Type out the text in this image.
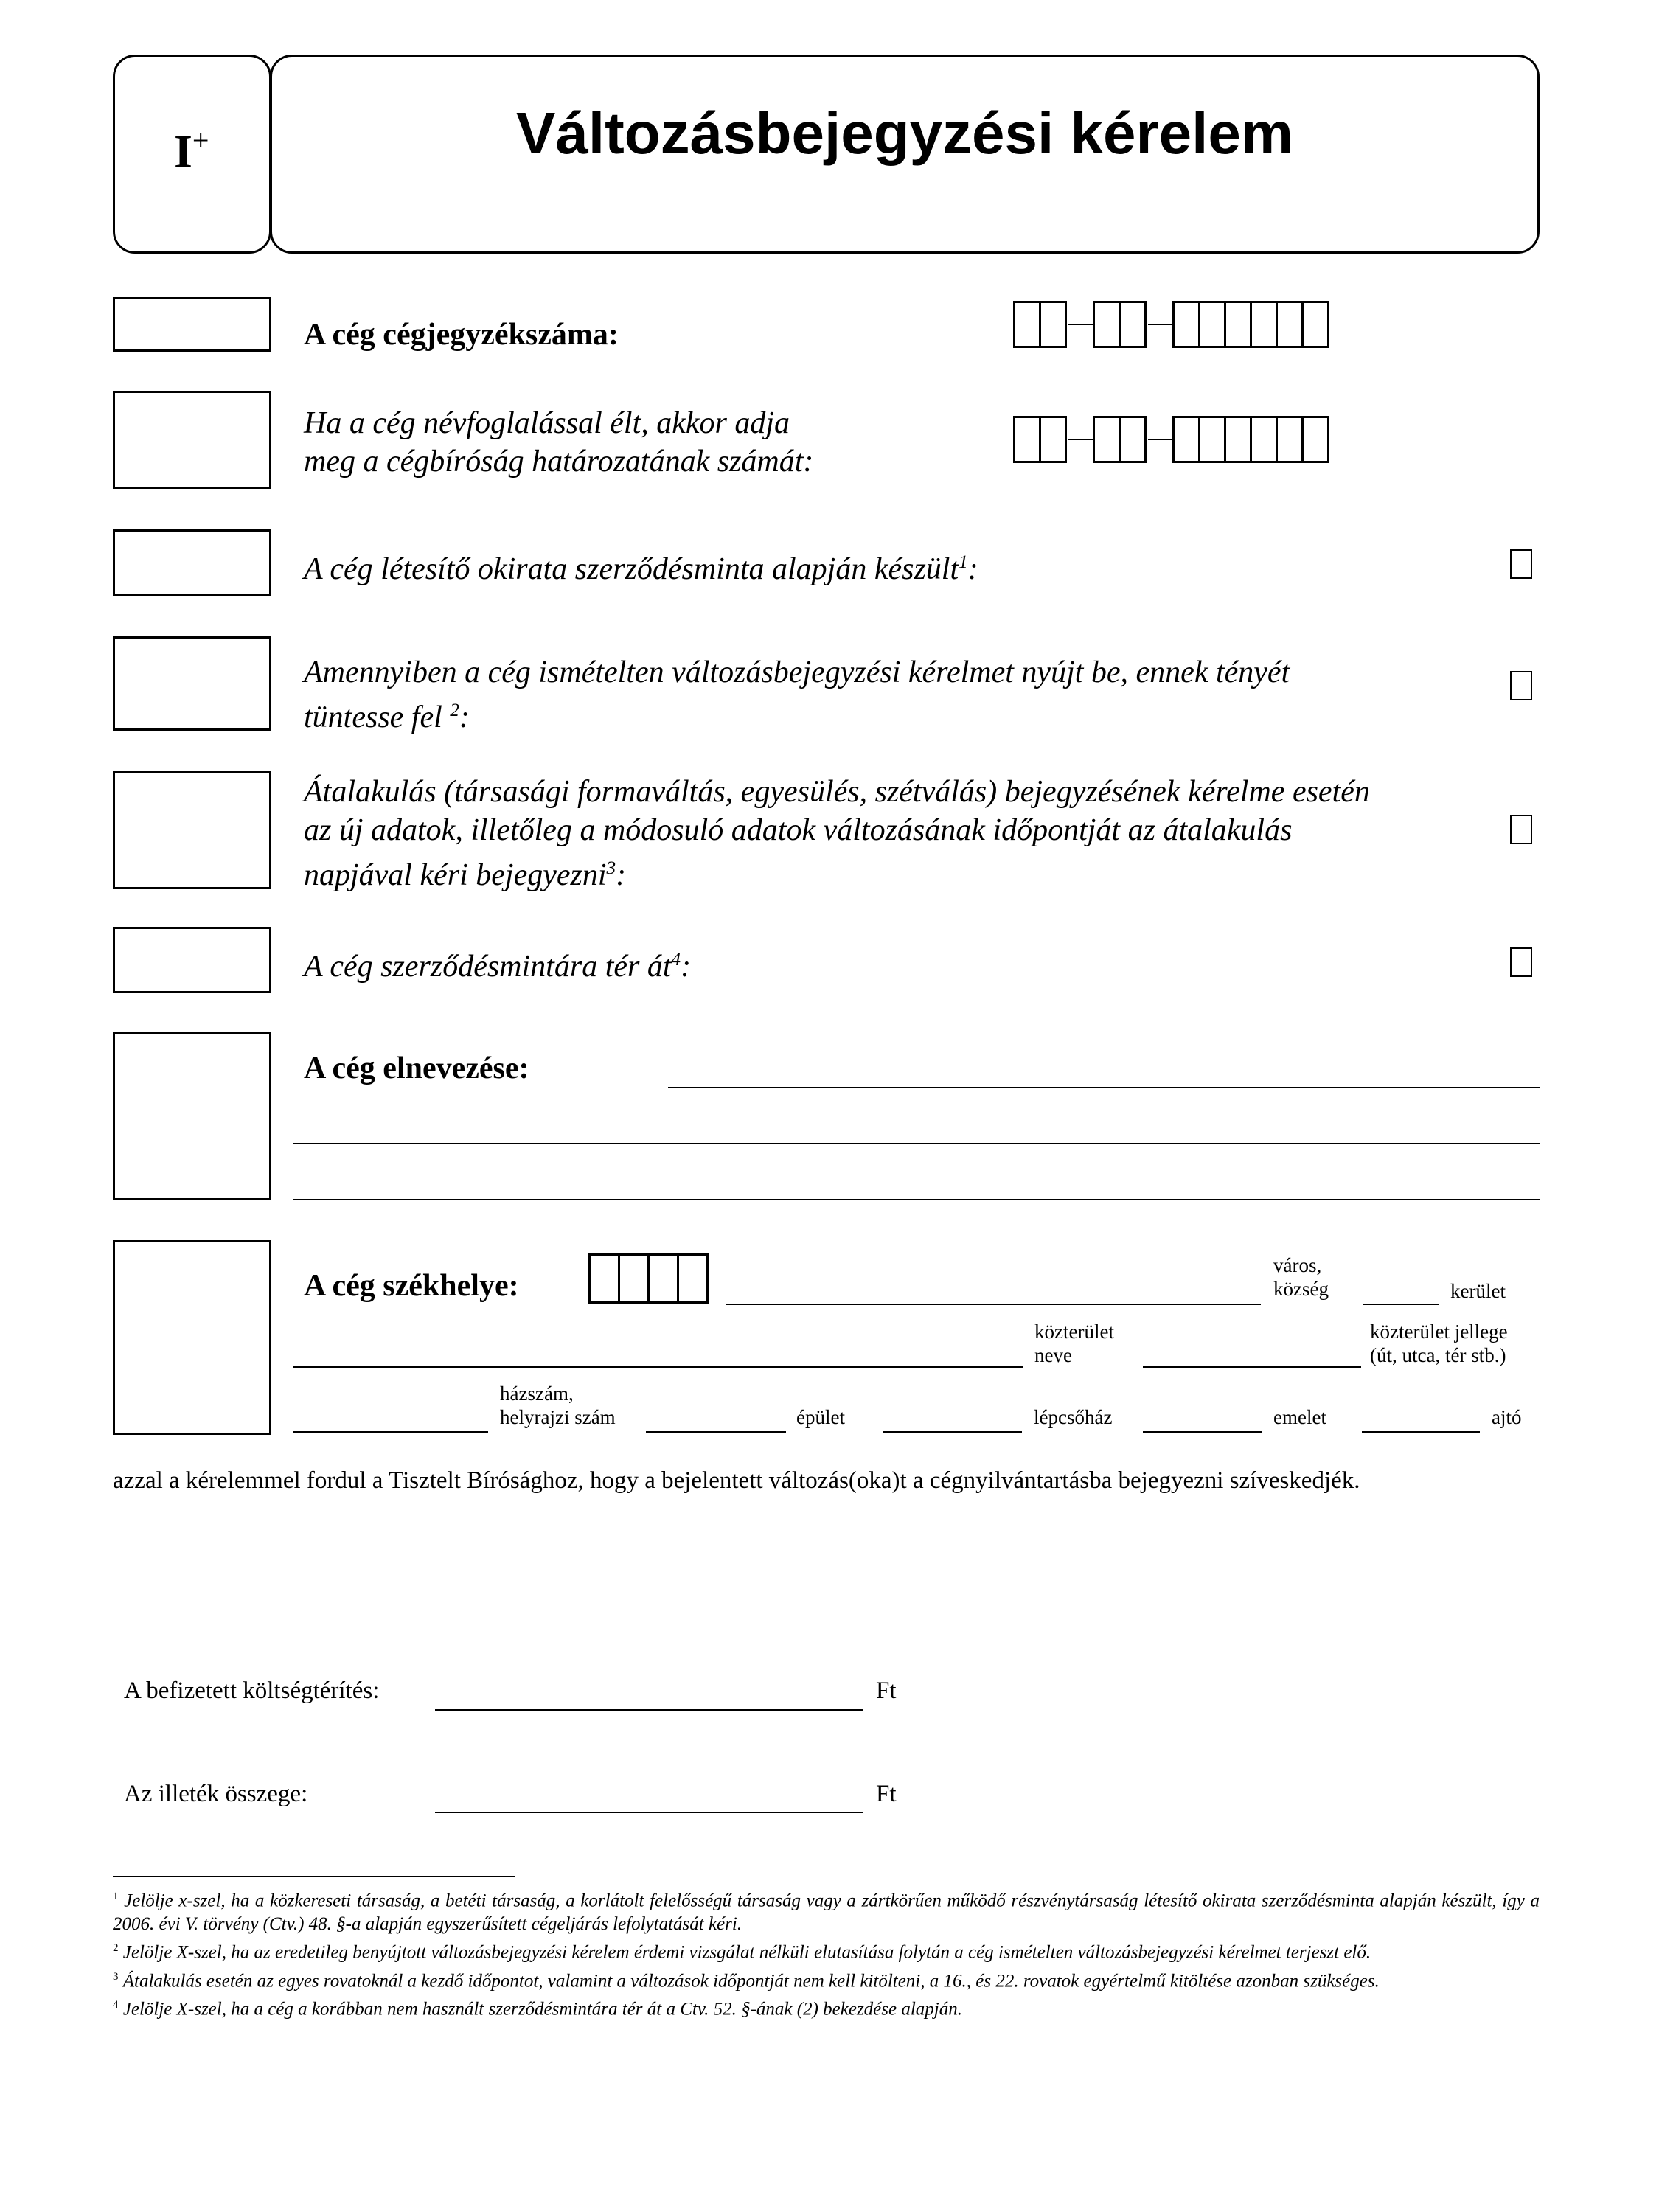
I+	Változásbejegyzési kérelem
A cég cégjegyzékszáma:
Ha a cég névfoglalással élt, akkor adja
meg a cégbíróság határozatának számát:
A cég létesítő okirata szerződésminta alapján készült$^1$:
Amennyiben a cég ismételten változásbejegyzési kérelmet nyújt be, ennek tényét
tüntesse fel $^2$:
Átalakulás (társasági formaváltás, egyesülés, szétválás) bejegyzésének kérelme esetén
az új adatok, illetőleg a módosuló adatok változásának időpontját az átalakulás
napjával kéri bejegyezni$^3$:
A cég szerződésmintára tér $át^4$:
A cég elnevezése:
A cég székhelye:
város,
község	kerület
közterület
neve
közterület jellege
(út, utca, tér stb.)
házszám,
helyrajzi szám	épület	lépcsőház	emelet	ajtó
azzal a kérelemmel fordul a Tisztelt Bírósághoz, hogy a bejelentett változás(oka)t a cégnyilvántartásba bejegyezni szíveskedjék.
A befizetett költségtérítés:	Ft
Az illeték összege:	Ft
$^1$ Jelölje x-szel, ha a közkereseti társaság, a betéti társaság, a korlátolt felelősségű társaság vagy a zártkörűen működő részvénytársaság létesítő okirata szerződésminta alapján készült, így a 2006. évi V. törvény (Ctv.) 48. §-a alapján egyszerűsített cégeljárás lefolytatását kéri.
$^2$ Jelölje X-szel, ha az eredetileg benyújtott változásbejegyzési kérelem érdemi vizsgálat nélküli elutasítása folytán a cég ismételten változásbejegyzési kérelmet terjeszt elő.
$^3$ Átalakulás esetén az egyes rovatoknál a kezdő időpontot, valamint a változások időpontját nem kell kitölteni, a 16., és 22. rovatok egyértelmű kitöltése azonban szükséges.
$^4$ Jelölje X-szel, ha a cég a korábban nem használt szerződésmintára tér át a Ctv. 52. §-ának (2) bekezdése alapján.
